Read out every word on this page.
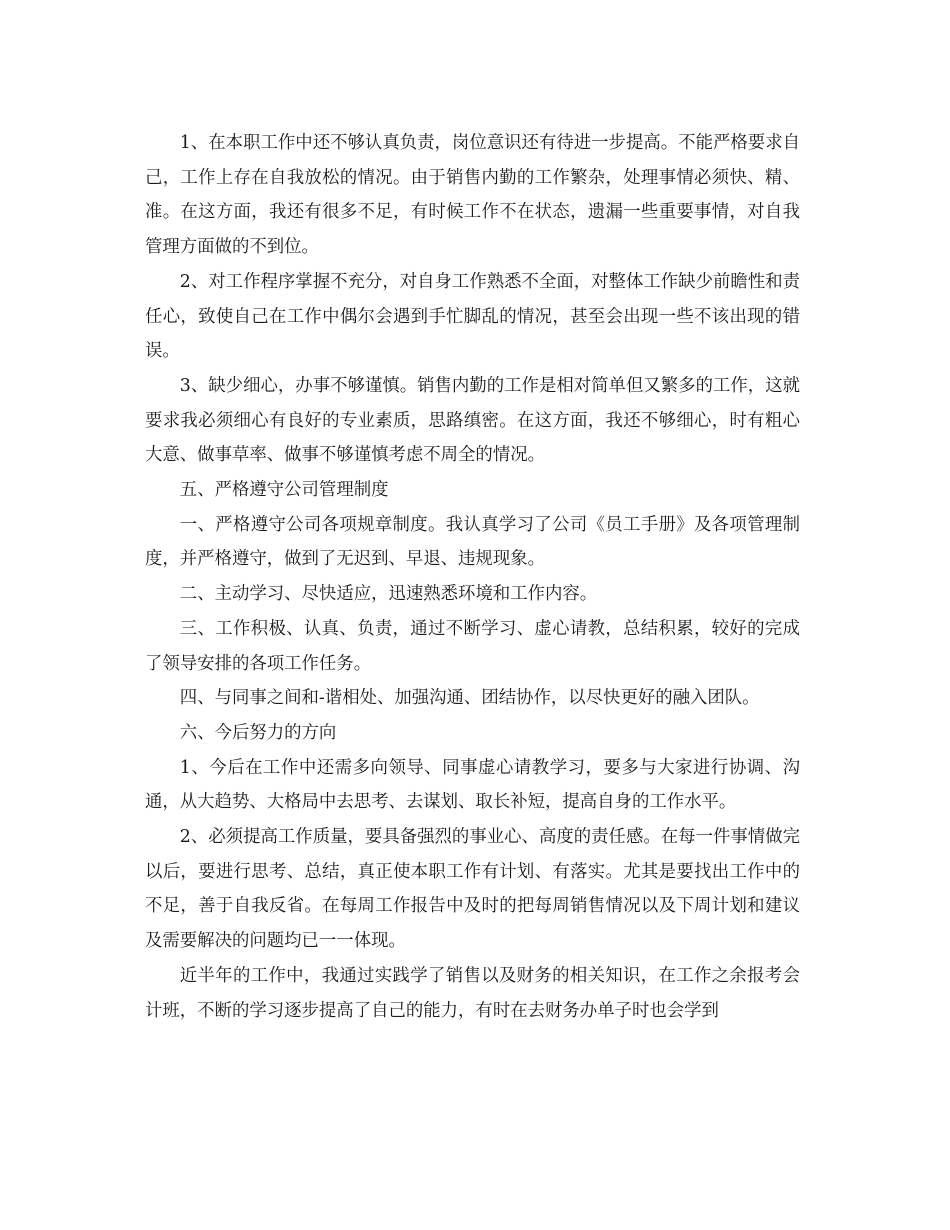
1、在本职工作中还不够认真负责，岗位意识还有待进一步提高。不能严格要求自己，工作上存在自我放松的情况。由于销售内勤的工作繁杂，处理事情必须快、精、准。在这方面，我还有很多不足，有时候工作不在状态，遗漏一些重要事情，对自我管理方面做的不到位。

2、对工作程序掌握不充分，对自身工作熟悉不全面，对整体工作缺少前瞻性和责任心，致使自己在工作中偶尔会遇到手忙脚乱的情况，甚至会出现一些不该出现的错误。

3、缺少细心，办事不够谨慎。销售内勤的工作是相对简单但又繁多的工作，这就要求我必须细心有良好的专业素质，思路缜密。在这方面，我还不够细心，时有粗心大意、做事草率、做事不够谨慎考虑不周全的情况。

五、严格遵守公司管理制度

一、严格遵守公司各项规章制度。我认真学习了公司《员工手册》及各项管理制度，并严格遵守，做到了无迟到、早退、违规现象。

二、主动学习、尽快适应，迅速熟悉环境和工作内容。

三、工作积极、认真、负责，通过不断学习、虚心请教，总结积累，较好的完成了领导安排的各项工作任务。

四、与同事之间和-谐相处、加强沟通、团结协作，以尽快更好的融入团队。

六、今后努力的方向

1、今后在工作中还需多向领导、同事虚心请教学习，要多与大家进行协调、沟通，从大趋势、大格局中去思考、去谋划、取长补短，提高自身的工作水平。

2、必须提高工作质量，要具备强烈的事业心、高度的责任感。在每一件事情做完以后，要进行思考、总结，真正使本职工作有计划、有落实。尤其是要找出工作中的不足，善于自我反省。在每周工作报告中及时的把每周销售情况以及下周计划和建议及需要解决的问题均已一一体现。

近半年的工作中，我通过实践学了销售以及财务的相关知识，在工作之余报考会计班，不断的学习逐步提高了自己的能力，有时在去财务办单子时也会学到
